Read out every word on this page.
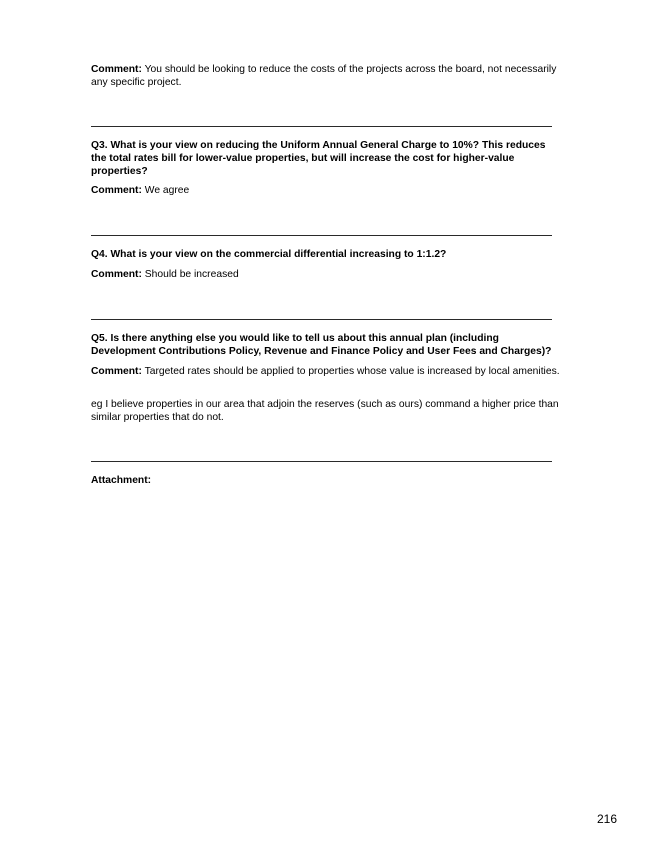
Comment: You should be looking to reduce the costs of the projects across the board, not necessarily any specific project.
Q3. What is your view on reducing the Uniform Annual General Charge to 10%? This reduces the total rates bill for lower-value properties, but will increase the cost for higher-value properties?
Comment: We agree
Q4. What is your view on the commercial differential increasing to 1:1.2?
Comment: Should be increased
Q5. Is there anything else you would like to tell us about this annual plan (including Development Contributions Policy, Revenue and Finance Policy and User Fees and Charges)?
Comment: Targeted rates should be applied to properties whose value is increased by local amenities.
eg I believe properties in our area that adjoin the reserves (such as ours) command a higher price than similar properties that do not.
Attachment:
216
